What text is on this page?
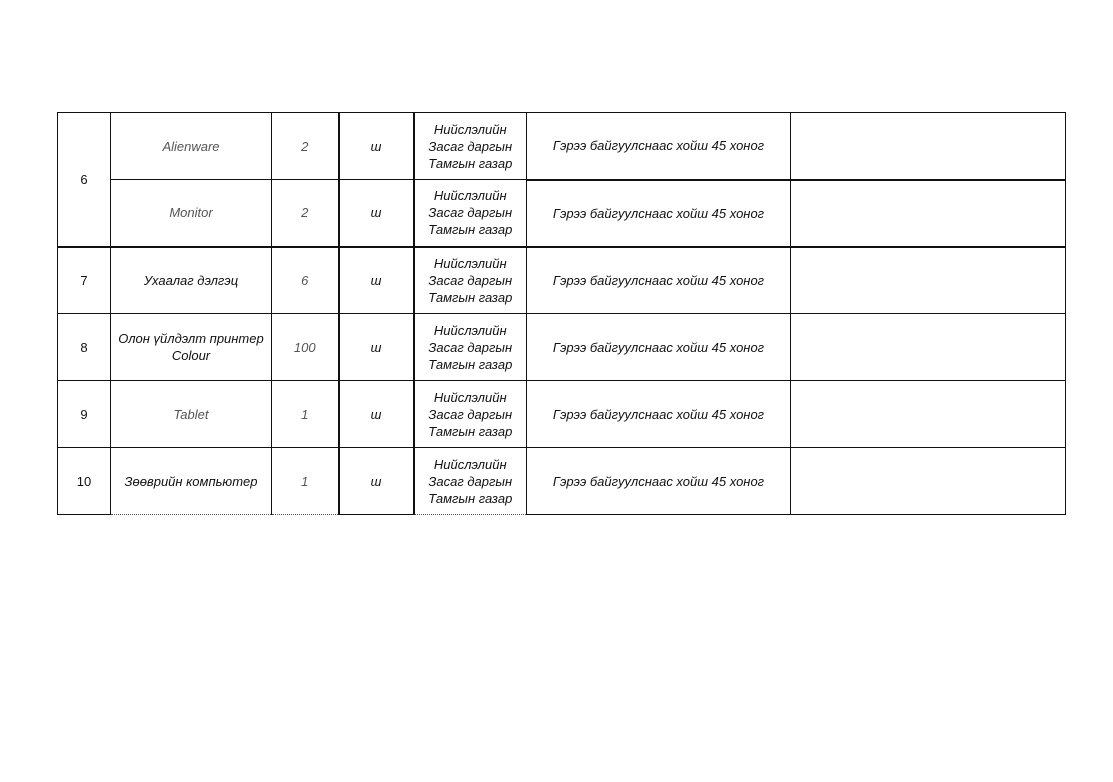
6	Alienware	2	ш	Нийслэлийн
Засаг даргын
Тамгын газар	Гэрээ байгуулснаас хойш 45 хоног	
	Monitor	2	ш	Нийслэлийн
Засаг даргын
Тамгын газар	Гэрээ байгуулснаас хойш 45 хоног	
7	Ухаалаг дэлгэц	6	ш	Нийслэлийн
Засаг даргын
Тамгын газар	Гэрээ байгуулснаас хойш 45 хоног	
8	Олон үйлдэлт принтер Colour	100	ш	Нийслэлийн
Засаг даргын
Тамгын газар	Гэрээ байгуулснаас хойш 45 хоног	
9	Tablet	1	ш	Нийслэлийн
Засаг даргын
Тамгын газар	Гэрээ байгуулснаас хойш 45 хоног	
10	Зөөврийн компьютер	1	ш	Нийслэлийн
Засаг даргын
Тамгын газар	Гэрээ байгуулснаас хойш 45 хоног	
